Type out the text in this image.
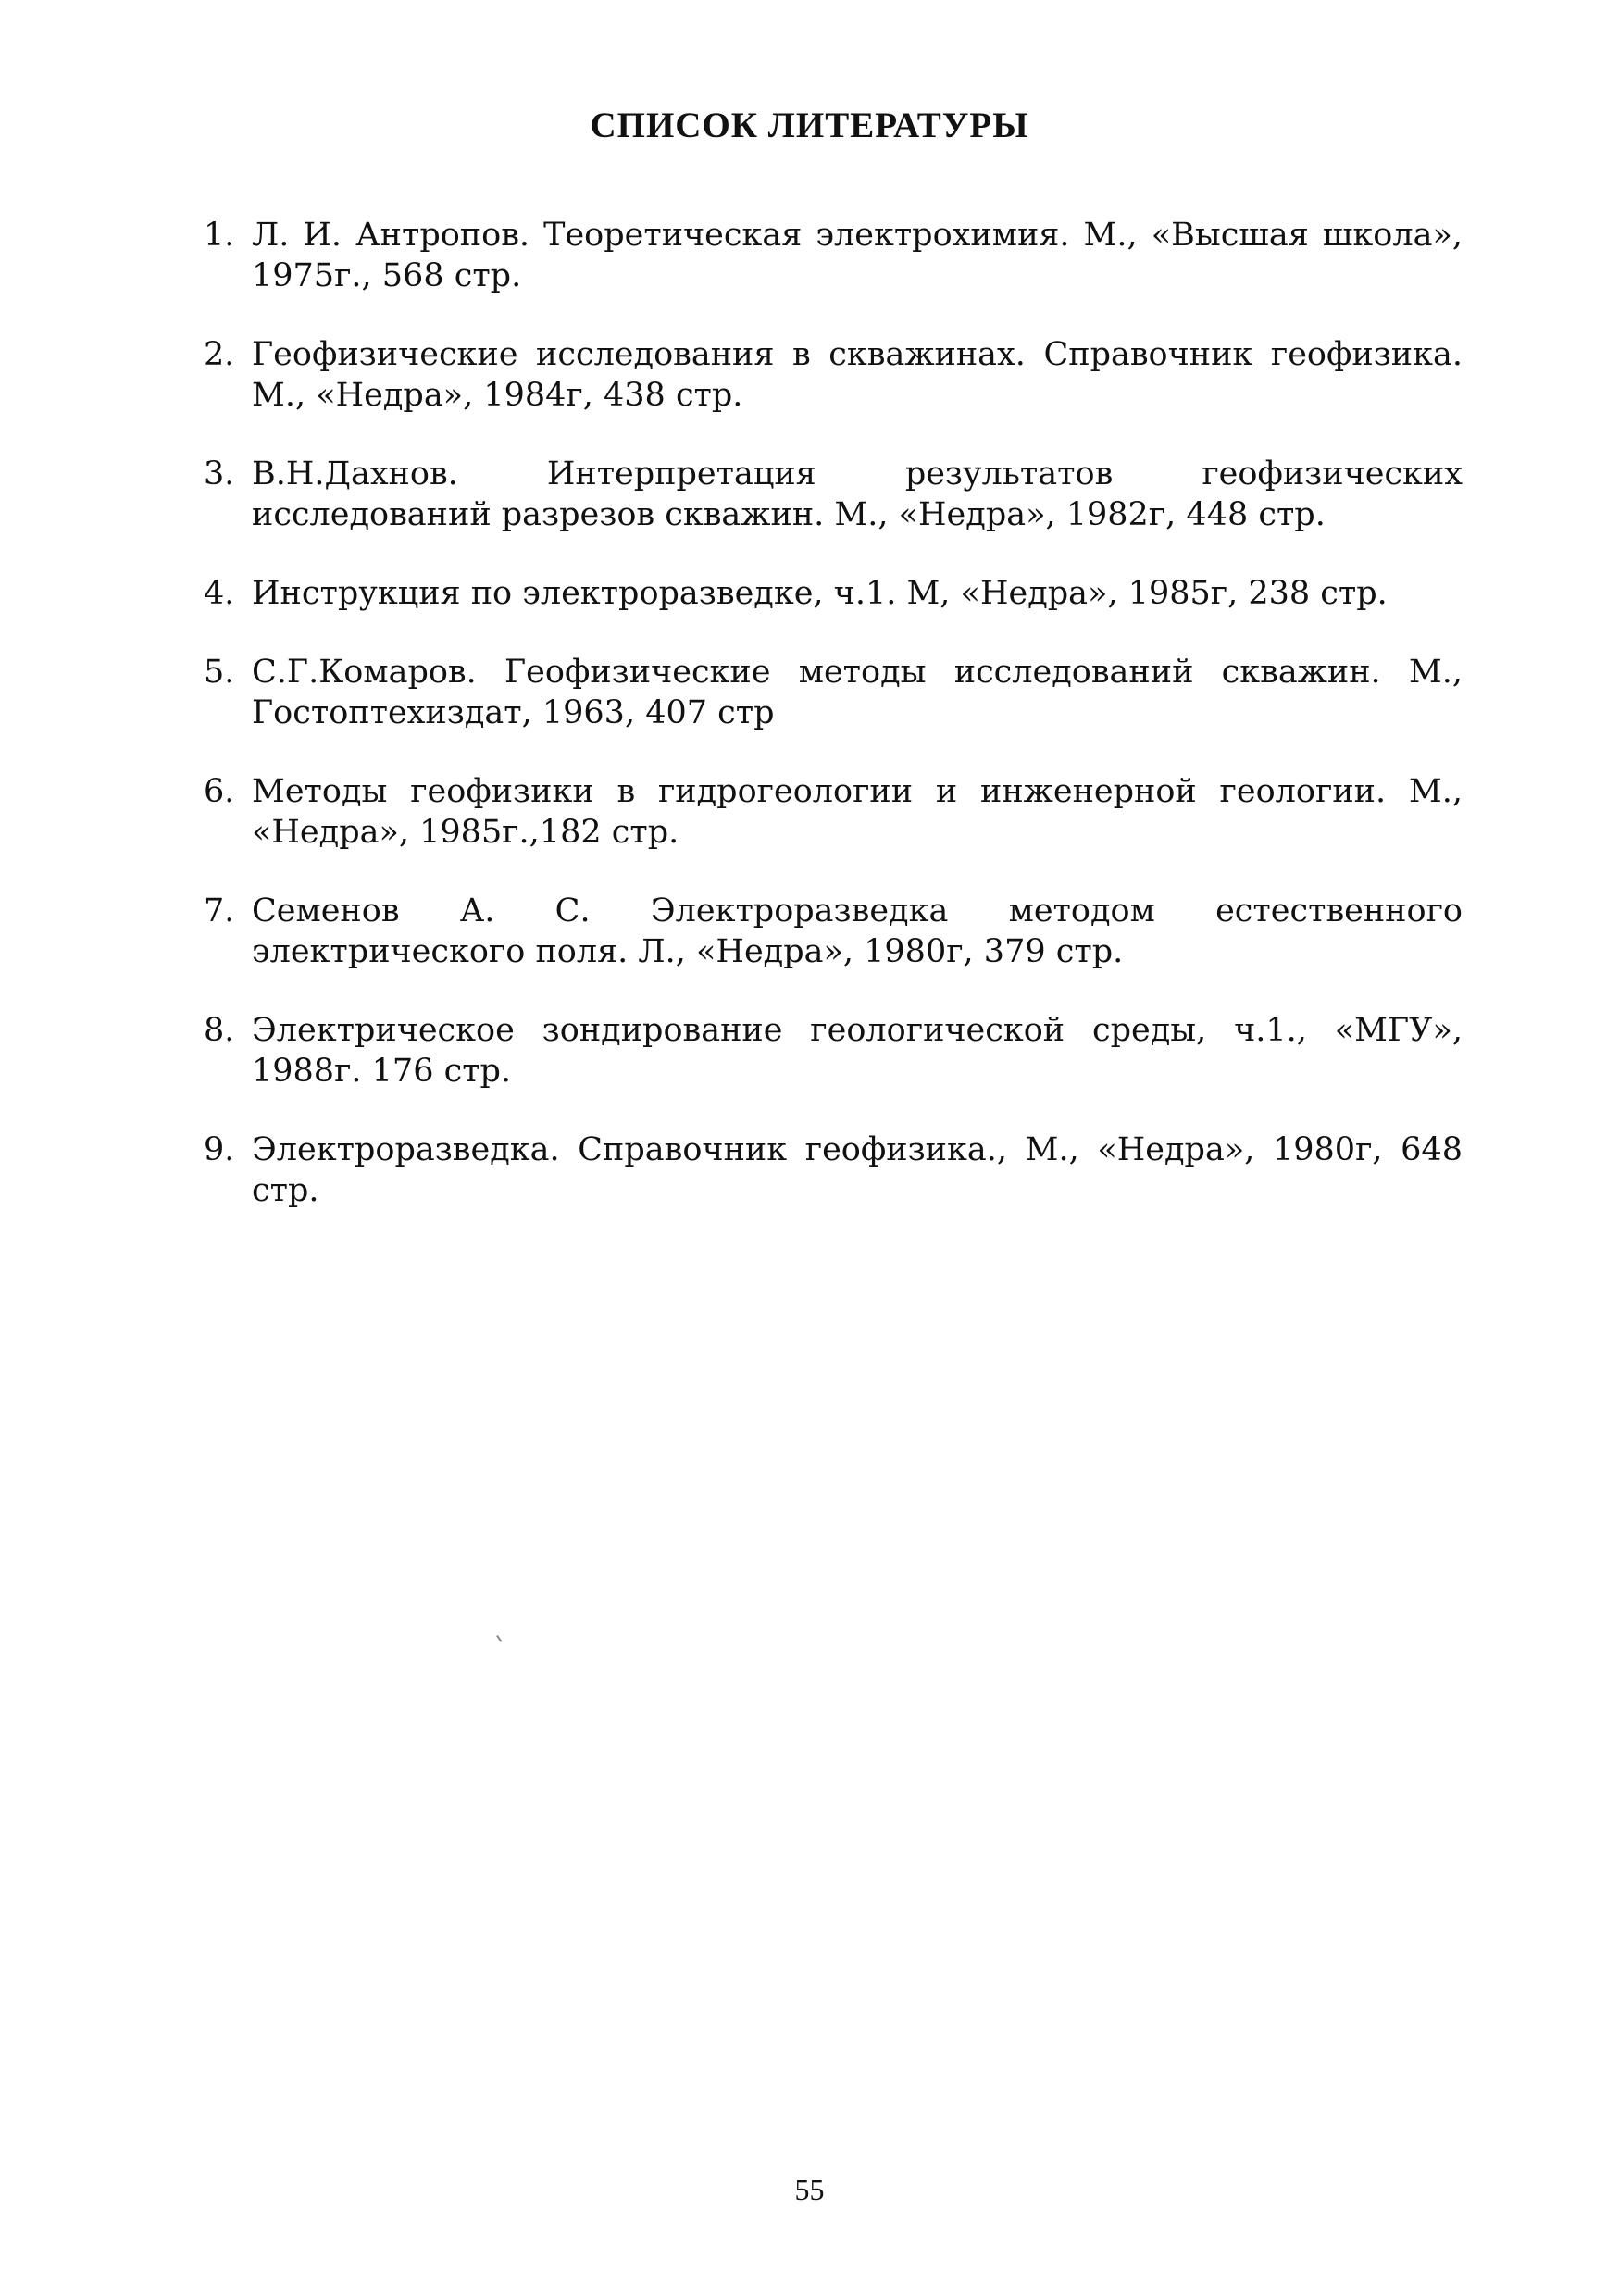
СПИСОК ЛИТЕРАТУРЫ
1. Л. И. Антропов. Теоретическая электрохимия. М., «Высшая школа», 1975г., 568 стр.
2. Геофизические исследования в скважинах. Справочник геофизика. М., «Недра», 1984г, 438 стр.
3. В.Н.Дахнов. Интерпретация результатов геофизических исследований разрезов скважин. М., «Недра», 1982г, 448 стр.
4. Инструкция по электроразведке, ч.1. М, «Недра», 1985г, 238 стр.
5. С.Г.Комаров. Геофизические методы исследований скважин. М., Гостоптехиздат, 1963, 407 стр
6. Методы геофизики в гидрогеологии и инженерной геологии. М., «Недра», 1985г.,182 стр.
7. Семенов А. С. Электроразведка методом естественного электрического поля. Л., «Недра», 1980г, 379 стр.
8. Электрическое зондирование геологической среды, ч.1., «МГУ», 1988г. 176 стр.
9. Электроразведка. Справочник геофизика., М., «Недра», 1980г, 648 стр.
55
